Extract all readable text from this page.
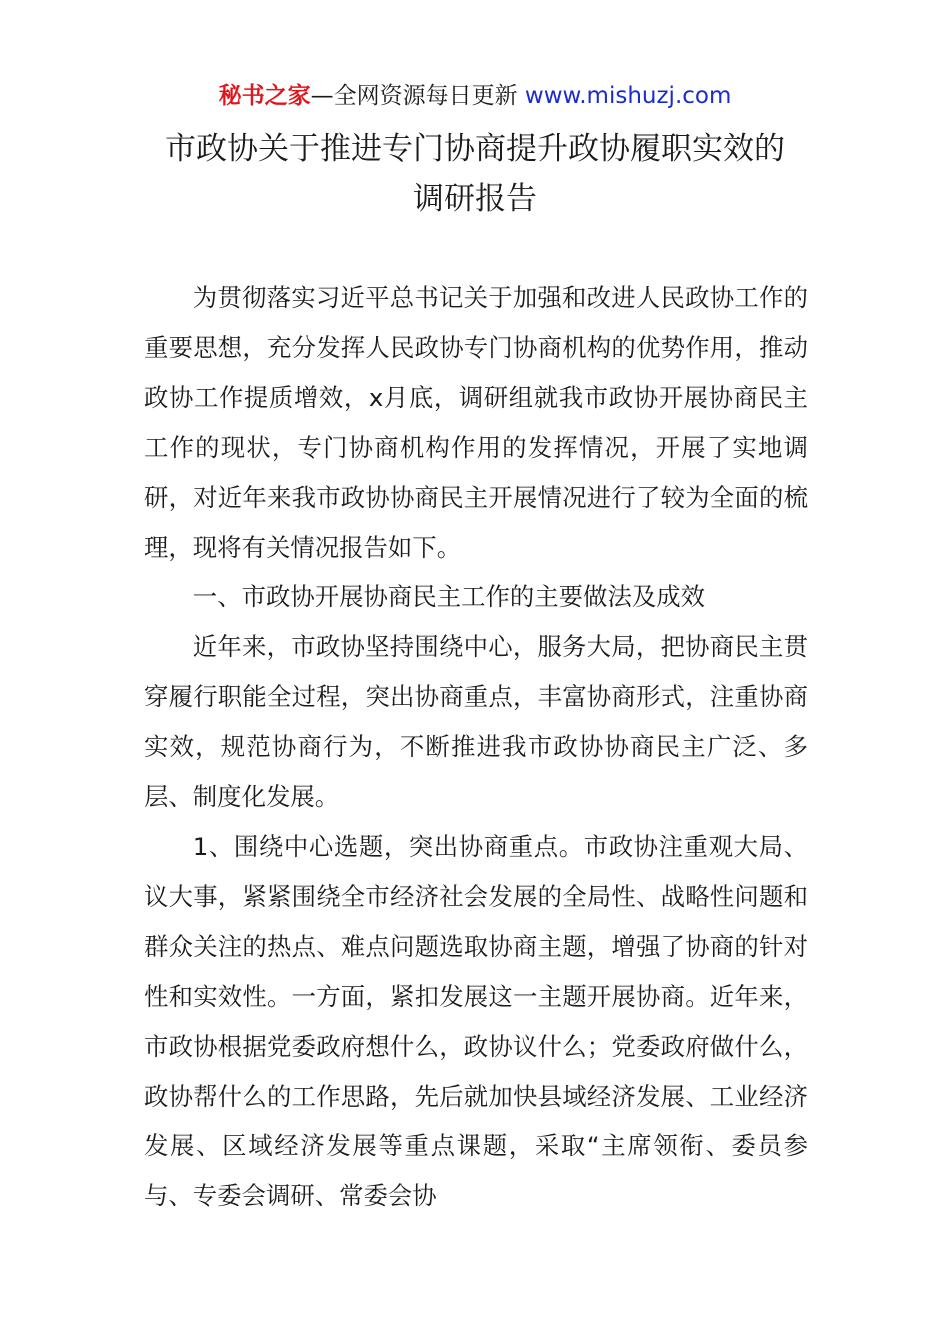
秘书之家—全网资源每日更新 www.mishuzj.com
市政协关于推进专门协商提升政协履职实效的
调研报告

为贯彻落实习近平总书记关于加强和改进人民政协工作的重要思想，充分发挥人民政协专门协商机构的优势作用，推动政协工作提质增效，x月底，调研组就我市政协开展协商民主工作的现状，专门协商机构作用的发挥情况，开展了实地调研，对近年来我市政协协商民主开展情况进行了较为全面的梳理，现将有关情况报告如下。

一、市政协开展协商民主工作的主要做法及成效

近年来，市政协坚持围绕中心，服务大局，把协商民主贯穿履行职能全过程，突出协商重点，丰富协商形式，注重协商实效，规范协商行为，不断推进我市政协协商民主广泛、多层、制度化发展。

1、围绕中心选题，突出协商重点。市政协注重观大局、议大事，紧紧围绕全市经济社会发展的全局性、战略性问题和群众关注的热点、难点问题选取协商主题，增强了协商的针对性和实效性。一方面，紧扣发展这一主题开展协商。近年来，市政协根据党委政府想什么，政协议什么；党委政府做什么，政协帮什么的工作思路，先后就加快县域经济发展、工业经济发展、区域经济发展等重点课题，采取“主席领衔、委员参与、专委会调研、常委会协
